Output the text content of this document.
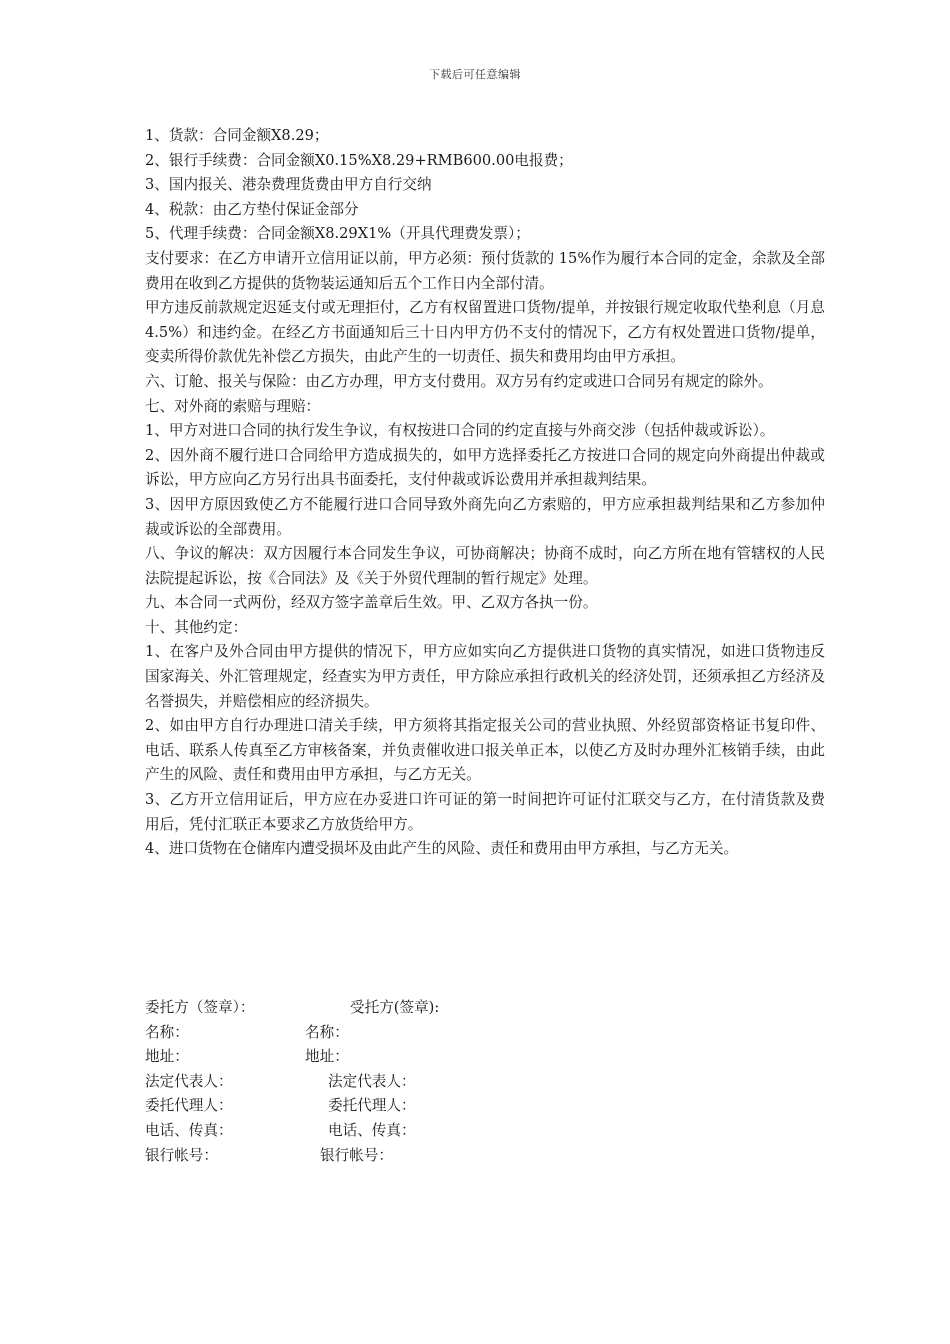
下载后可任意编辑

1、货款：合同金额X8.29；

2、银行手续费：合同金额X0.15%X8.29+RMB600.00电报费；

3、国内报关、港杂费理货费由甲方自行交纳

4、税款：由乙方垫付保证金部分

5、代理手续费：合同金额X8.29X1%（开具代理费发票）；

支付要求：在乙方申请开立信用证以前，甲方必须：预付货款的 15%作为履行本合同的定金，余款及全部费用在收到乙方提供的货物装运通知后五个工作日内全部付清。

甲方违反前款规定迟延支付或无理拒付，乙方有权留置进口货物/提单，并按银行规定收取代垫利息（月息4.5%）和违约金。在经乙方书面通知后三十日内甲方仍不支付的情况下，乙方有权处置进口货物/提单，变卖所得价款优先补偿乙方损失，由此产生的一切责任、损失和费用均由甲方承担。

六、订舱、报关与保险：由乙方办理，甲方支付费用。双方另有约定或进口合同另有规定的除外。

七、对外商的索赔与理赔：

1、甲方对进口合同的执行发生争议，有权按进口合同的约定直接与外商交涉（包括仲裁或诉讼）。

2、因外商不履行进口合同给甲方造成损失的，如甲方选择委托乙方按进口合同的规定向外商提出仲裁或诉讼，甲方应向乙方另行出具书面委托，支付仲裁或诉讼费用并承担裁判结果。

3、因甲方原因致使乙方不能履行进口合同导致外商先向乙方索赔的，甲方应承担裁判结果和乙方参加仲裁或诉讼的全部费用。

八、争议的解决：双方因履行本合同发生争议，可协商解决；协商不成时，向乙方所在地有管辖权的人民法院提起诉讼，按《合同法》及《关于外贸代理制的暂行规定》处理。

九、本合同一式两份，经双方签字盖章后生效。甲、乙双方各执一份。

十、其他约定：

1、在客户及外合同由甲方提供的情况下，甲方应如实向乙方提供进口货物的真实情况，如进口货物违反国家海关、外汇管理规定，经查实为甲方责任，甲方除应承担行政机关的经济处罚，还须承担乙方经济及名誉损失，并赔偿相应的经济损失。

2、如由甲方自行办理进口清关手续，甲方须将其指定报关公司的营业执照、外经贸部资格证书复印件、电话、联系人传真至乙方审核备案，并负责催收进口报关单正本，以使乙方及时办理外汇核销手续，由此产生的风险、责任和费用由甲方承担，与乙方无关。

3、乙方开立信用证后，甲方应在办妥进口许可证的第一时间把许可证付汇联交与乙方，在付清货款及费用后，凭付汇联正本要求乙方放货给甲方。

4、进口货物在仓储库内遭受损坏及由此产生的风险、责任和费用由甲方承担，与乙方无关。

委托方（签章）：	受托方(签章):
名称：	名称：
地址：	地址：
法定代表人：	法定代表人：
委托代理人：	委托代理人：
电话、传真：	电话、传真：
银行帐号：	银行帐号：
